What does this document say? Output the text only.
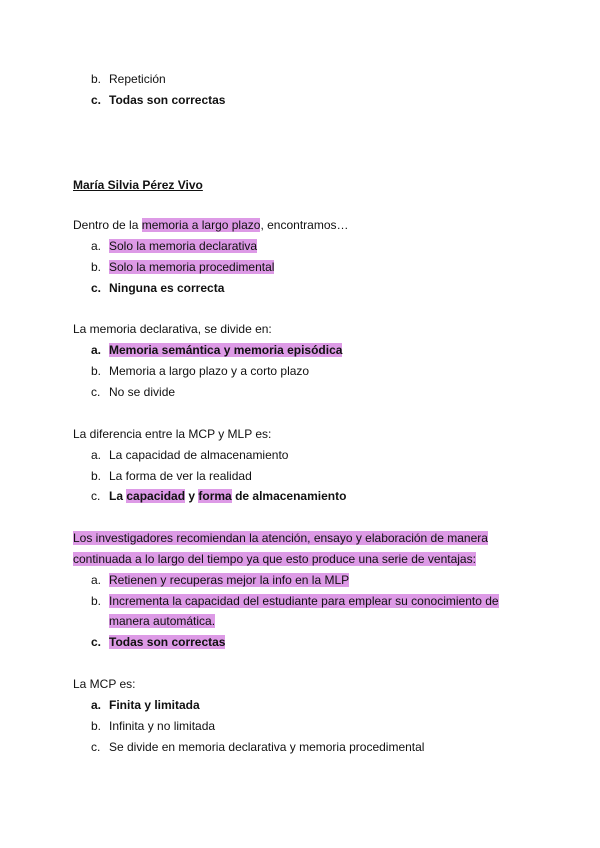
b. Repetición
c. Todas son correctas
María Silvia Pérez Vivo
Dentro de la memoria a largo plazo, encontramos…
a. Solo la memoria declarativa
b. Solo la memoria procedimental
c. Ninguna es correcta
La memoria declarativa, se divide en:
a. Memoria semántica y memoria episódica
b. Memoria a largo plazo y a corto plazo
c. No se divide
La diferencia entre la MCP y MLP es:
a. La capacidad de almacenamiento
b. La forma de ver la realidad
c. La capacidad y forma de almacenamiento
Los investigadores recomiendan la atención, ensayo y elaboración de manera
continuada a lo largo del tiempo ya que esto produce una serie de ventajas:
a. Retienen y recuperas mejor la info en la MLP
b. Incrementa la capacidad del estudiante para emplear su conocimiento de
manera automática.
c. Todas son correctas
La MCP es:
a. Finita y limitada
b. Infinita y no limitada
c. Se divide en memoria declarativa y memoria procedimental
